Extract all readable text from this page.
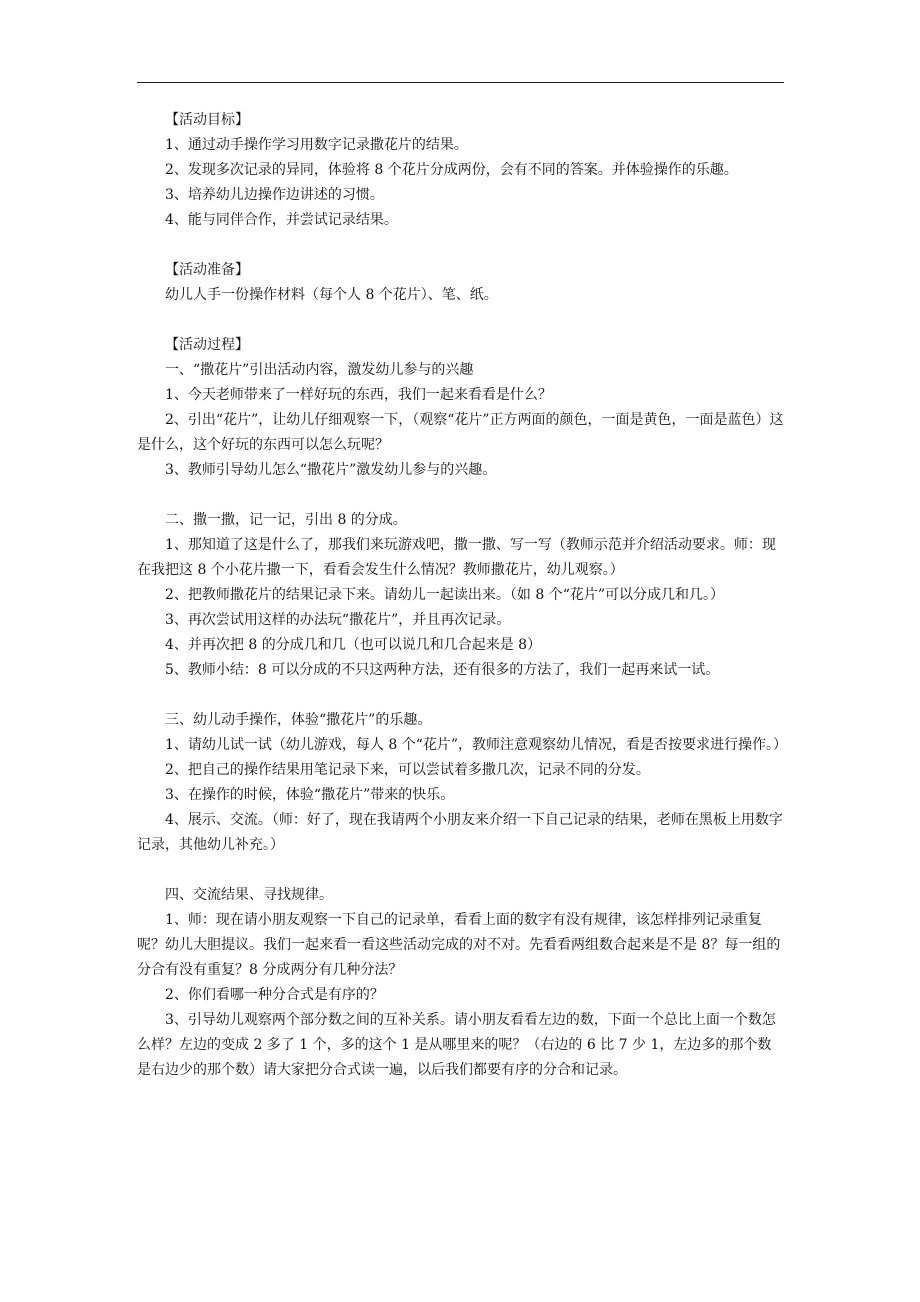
【活动目标】

1、通过动手操作学习用数字记录撒花片的结果。

2、发现多次记录的异同，体验将 8 个花片分成两份，会有不同的答案。并体验操作的乐趣。

3、培养幼儿边操作边讲述的习惯。

4、能与同伴合作，并尝试记录结果。

【活动准备】

幼儿人手一份操作材料（每个人 8 个花片）、笔、纸。

【活动过程】

一、“撒花片”引出活动内容，激发幼儿参与的兴趣

1、今天老师带来了一样好玩的东西，我们一起来看看是什么？

2、引出“花片”，让幼儿仔细观察一下，（观察“花片”正方两面的颜色，一面是黄色，一面是蓝色）这是什么，这个好玩的东西可以怎么玩呢？

3、教师引导幼儿怎么“撒花片”激发幼儿参与的兴趣。

二、撒一撒，记一记，引出 8 的分成。

1、那知道了这是什么了，那我们来玩游戏吧，撒一撒、写一写（教师示范并介绍活动要求。师：现在我把这 8 个小花片撒一下，看看会发生什么情况？教师撒花片，幼儿观察。）

2、把教师撒花片的结果记录下来。请幼儿一起读出来。（如 8 个“花片”可以分成几和几。）

3、再次尝试用这样的办法玩“撒花片”，并且再次记录。

4、并再次把 8 的分成几和几（也可以说几和几合起来是 8）

5、教师小结：8 可以分成的不只这两种方法，还有很多的方法了，我们一起再来试一试。

三、幼儿动手操作，体验“撒花片”的乐趣。

1、请幼儿试一试（幼儿游戏，每人 8 个“花片”，教师注意观察幼儿情况，看是否按要求进行操作。）

2、把自己的操作结果用笔记录下来，可以尝试着多撒几次，记录不同的分发。

3、在操作的时候，体验“撒花片”带来的快乐。

4、展示、交流。（师：好了，现在我请两个小朋友来介绍一下自己记录的结果，老师在黑板上用数字记录，其他幼儿补充。）

四、交流结果、寻找规律。

1、师：现在请小朋友观察一下自己的记录单，看看上面的数字有没有规律，该怎样排列记录重复呢？幼儿大胆提议。我们一起来看一看这些活动完成的对不对。先看看两组数合起来是不是 8？每一组的分合有没有重复？8 分成两分有几种分法？

2、你们看哪一种分合式是有序的？

3、引导幼儿观察两个部分数之间的互补关系。请小朋友看看左边的数，下面一个总比上面一个数怎么样？左边的变成 2 多了 1 个，多的这个 1 是从哪里来的呢？（右边的 6 比 7 少 1，左边多的那个数是右边少的那个数）请大家把分合式读一遍，以后我们都要有序的分合和记录。
